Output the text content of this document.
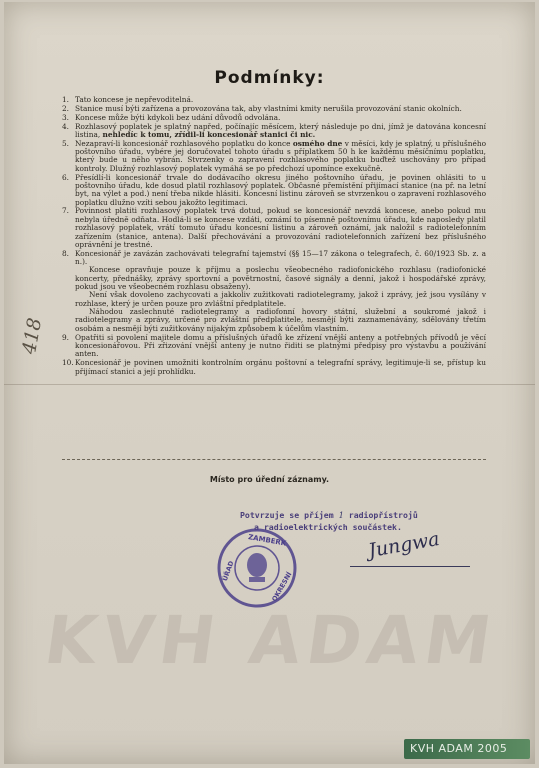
Podmínky:
1. Tato koncese je nepřevoditelná.
2. Stanice musí býti zařízena a provozována tak, aby vlastními kmity nerušila provozování stanic okolních.
3. Koncese může býti kdykoli bez udání důvodů odvolána.
4. Rozhlasový poplatek je splatný napřed, počínajíc měsícem, který následuje po dni, jímž je datována koncesní listina, nehledíc k tomu, zřídil-li koncesionář stanici či nic.
5. Nezapraví-li koncesionář rozhlasového poplatku do konce osmého dne v měsíci, kdy je splatný, u příslušného poštovního úřadu, vybére jej doručovatel tohoto úřadu s příplatkem 50 h ke každému měsíčnímu poplatku, který bude u něho vybrán. Stvrzenky o zapravení rozhlasového poplatku buďtež uschovány pro případ kontroly. Dlužný rozhlasový poplatek vymáhá se po předchozí upomínce exekučně.
6. Přesídlí-li koncesionář trvale do dodávacího okresu jiného poštovního úřadu, je povinen ohlásiti to u poštovního úřadu, kde dosud platil rozhlasový poplatek. Občasné přemístění přijímací stanice (na př. na letní byt, na výlet a pod.) není třeba nikde hlásiti. Koncesní listinu zároveň se stvrzenkou o zapravení rozhlasového poplatku dlužno vzíti sebou jakožto legitimaci.
7. Povinnost platiti rozhlasový poplatek trvá dotud, pokud se koncesionář nevzdá koncese, anebo pokud mu nebyla úředně odňata. Hodlá-li se koncese vzdáti, oznámí to písemně poštovnímu úřadu, kde naposledy platil rozhlasový poplatek, vrátí tomuto úřadu koncesní listinu a zároveň oznámí, jak naložil s radiotelefonním zařízením (stanice, antena). Další přechovávání a provozování radiotelefonních zařízení bez příslušného oprávnění je trestné.
8. Koncesionář je zavázán zachovávati telegrafní tajemství (§§ 15—17 zákona o telegrafech, č. 60/1923 Sb. z. a n.).
Koncese opravňuje pouze k příjmu a poslechu všeobecného radiofonického rozhlasu (radiofonické koncerty, přednášky, zprávy sportovní a povětrnostní, časové signály a denní, jakož i hospodářské zprávy, pokud jsou ve všeobecném rozhlasu obsaženy).
Není však dovoleno zachycovati a jakkoliv zužitkovati radiotelegramy, jakož i zprávy, jež jsou vysílány v rozhlase, který je určen pouze pro zvláštní předplatitele.
Náhodou zaslechnuté radiotelegramy a radiofonní hovory státní, služební a soukromé jakož i radiotelegramy a zprávy, určené pro zvláštní předplatitele, nesmějí býti zaznamenávány, sdělovány třetím osobám a nesmějí býti zužitkovány nijakým způsobem k účelům vlastním.
9. Opatřiti si povolení majitele domu a příslušných úřadů ke zřízení vnější anteny a potřebných přívodů je věcí koncesionářovou. Při zřizování vnější anteny je nutno řiditi se platnými předpisy pro výstavbu a používání anten.
10. Koncesionář je povinen umožniti kontrolním orgánu poštovní a telegrafní správy, legitimuje-li se, přístup ku přijímací stanici a její prohlídku.
Místo pro úřední záznamy.
Potvrzuje se příjem 1 radiopřístrojů
a radioelektrických součástek.
ZAMBERK
ÚŘAD	OKRESNÍ
Jungwa
418
KVH ADAM
KVH ADAM 2005
